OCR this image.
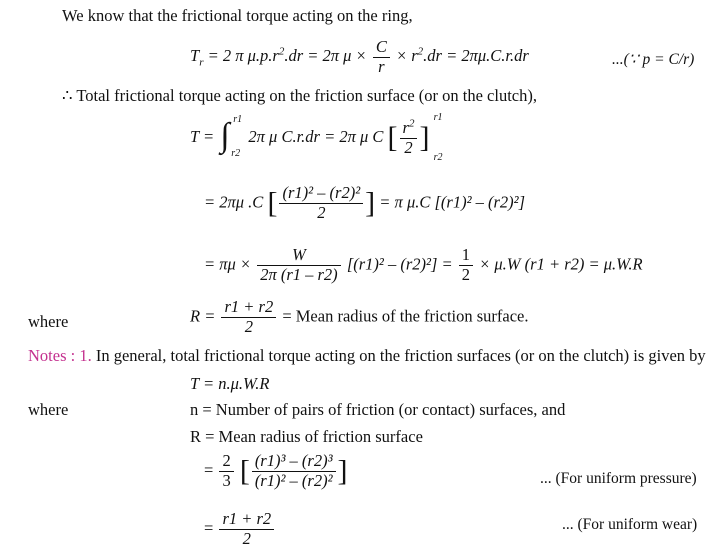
We know that the frictional torque acting on the ring,
$T_r = 2$ π $\mu.p.r^2.dr = 2\pi$ $\mu \times \frac{C}{r} \times r^2.dr = 2\pi\mu.C.r.dr$	...(∵ p = C/r)
∴ Total frictional torque acting on the friction surface (or on the clutch),
T = ∫ r1
r2
2π μ C.r.dr = 2π μ C [ $\frac{r^2}{2}$ ]
r1
r2
= 2πμ .C [ $\frac{\text{(r1)² – (r2)²}}{2}$ ] = π μ.C [(r1)² – (r2)²]
= $\pi\mu \times \frac{W}{2\pi (r1 - r2)} [(r1)^2 - (r2)^2] = \frac{1}{2} \times \mu.W$ (r1 + r2) = μ.W.R
where	$R = \frac{r1 + r2}{2}$ = Mean radius of the friction surface.
Notes : 1. In general, total frictional torque acting on the friction surfaces (or on the clutch) is given by
T = n.μ.W.R
where	n = Number of pairs of friction (or contact) surfaces, and
R = Mean radius of friction surface
= $\frac{2}{3}$ [ $\frac{\text{(r1)³ – (r2)³}}{\text{(r1)² – (r2)²}}$ ]	... (For uniform pressure)
= $\frac{r1 + r2}{2}$	... (For uniform wear)
